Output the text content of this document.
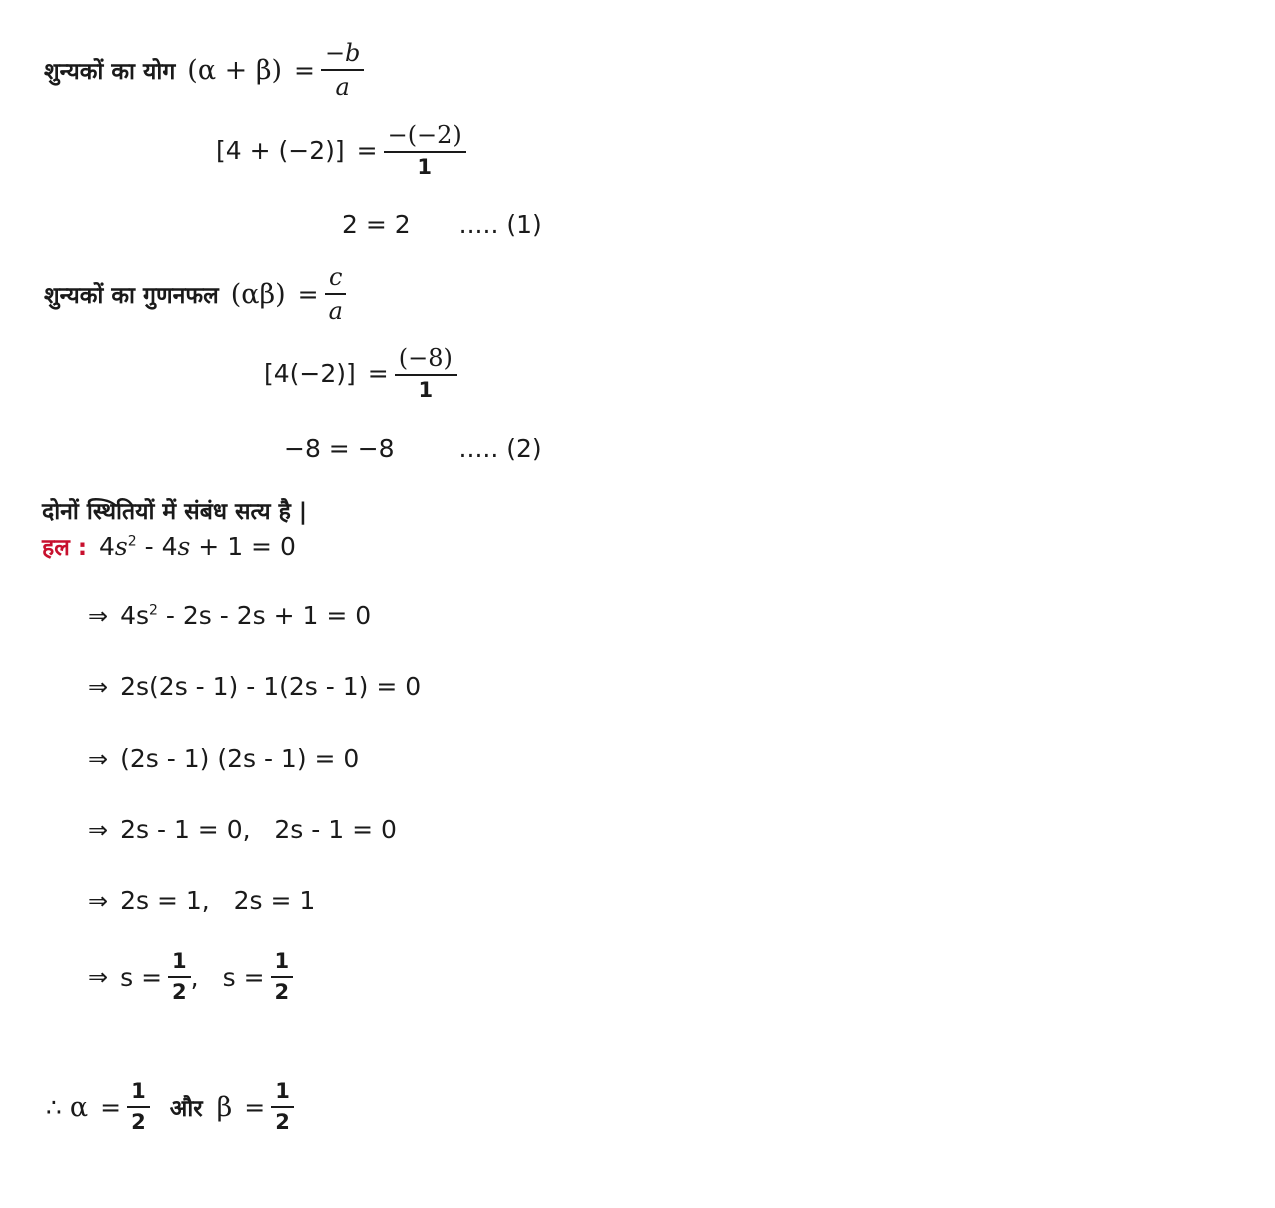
शुन्यकों का योग $(\alpha + \beta) = \frac{-b}{a}$
$[4 + (-2)] = \frac{-(-2)}{1}$
2 = 2 ..... (1)
शुन्यकों का गुणनफल $(\alpha\beta) = \frac{c}{a}$
$[4(-2)] = \frac{(-8)}{1}$
−8 = −8	..... (2)
दोनों स्थितियों में संबंध सत्य है |
हल : $4s^2 - 4s + 1 = 0$
⇒ $4s^2 - 2s - 2s + 1 = 0$
⇒ 2s(2s - 1) - 1(2s - 1) = 0
⇒ (2s - 1) (2s - 1) = 0
⇒ 2s - 1 = 0,   2s - 1 = 0
⇒ 2s = 1,   2s = 1
⇒ $s = \frac{1}{2}$ , $s = \frac{1}{2}$
∴ $\alpha = \frac{1}{2}$ और $\beta = \frac{1}{2}$
